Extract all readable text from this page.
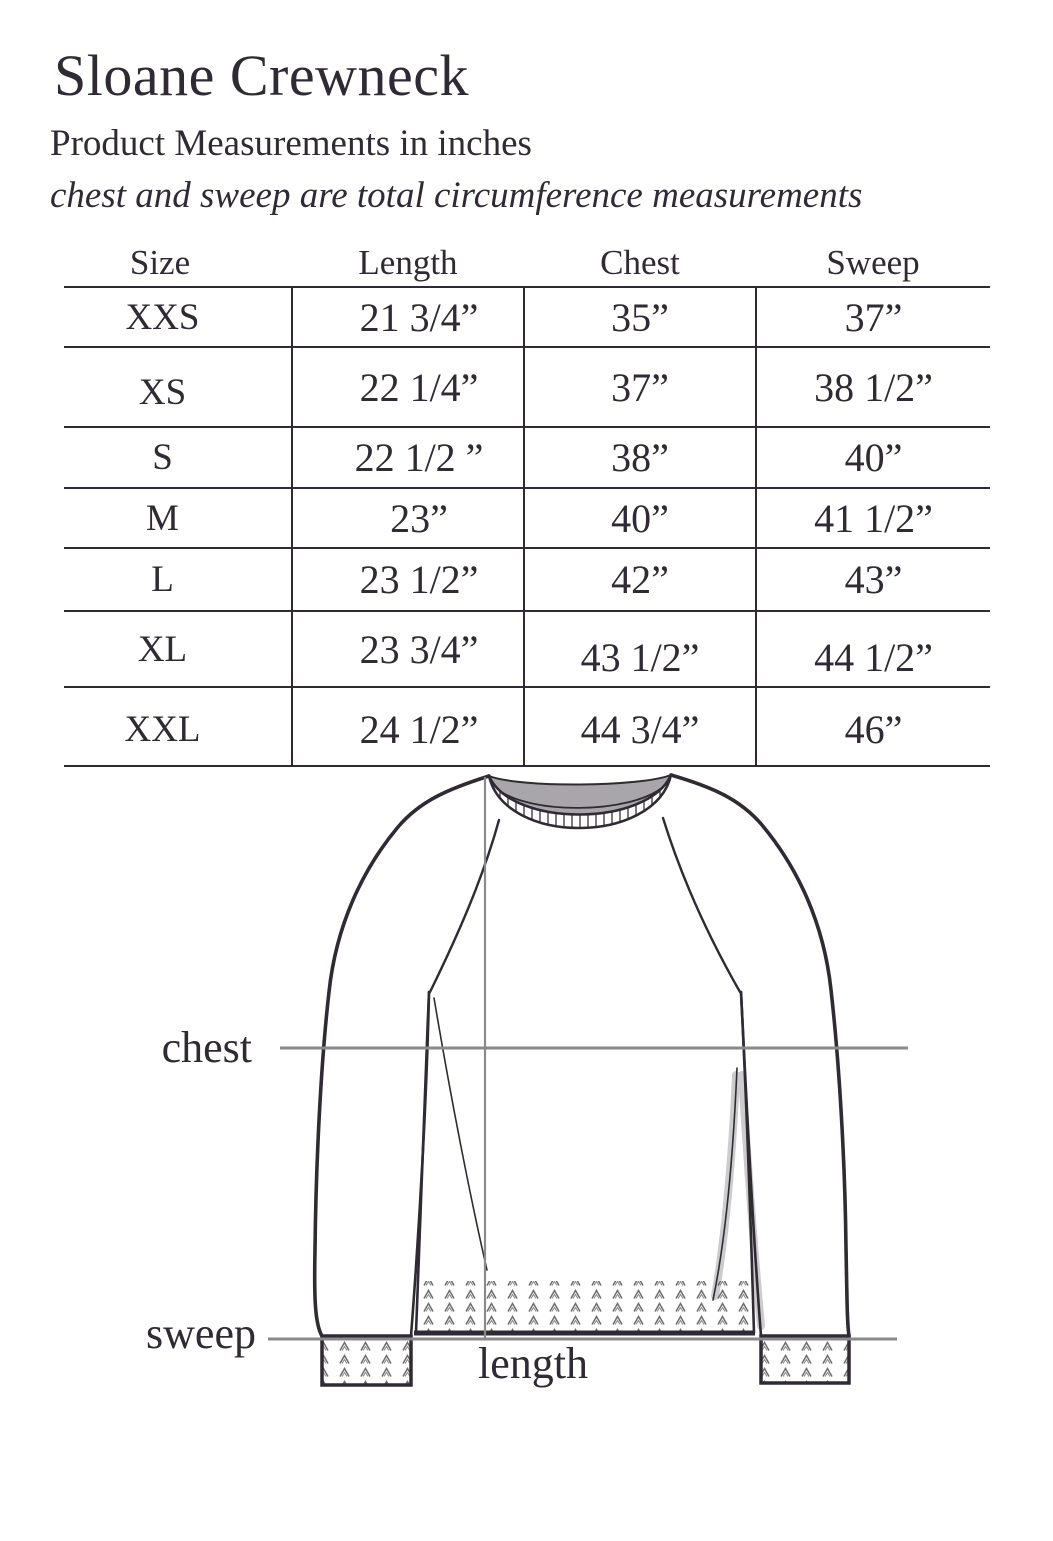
Sloane Crewneck
Product Measurements in inches
chest and sweep are total circumference measurements
Size	Length	Chest	Sweep
XXS	21 3/4”	35”	37”
XS	22 1/4”	37”	38 1/2”
S	22 1/2 ”	38”	40”
M	23”	40”	41 1/2”
L	23 1/2”	42”	43”
XL	23 3/4”	43 1/2”	44 1/2”
XXL	24 1/2”	44 3/4”	46”
chest
sweep
length
